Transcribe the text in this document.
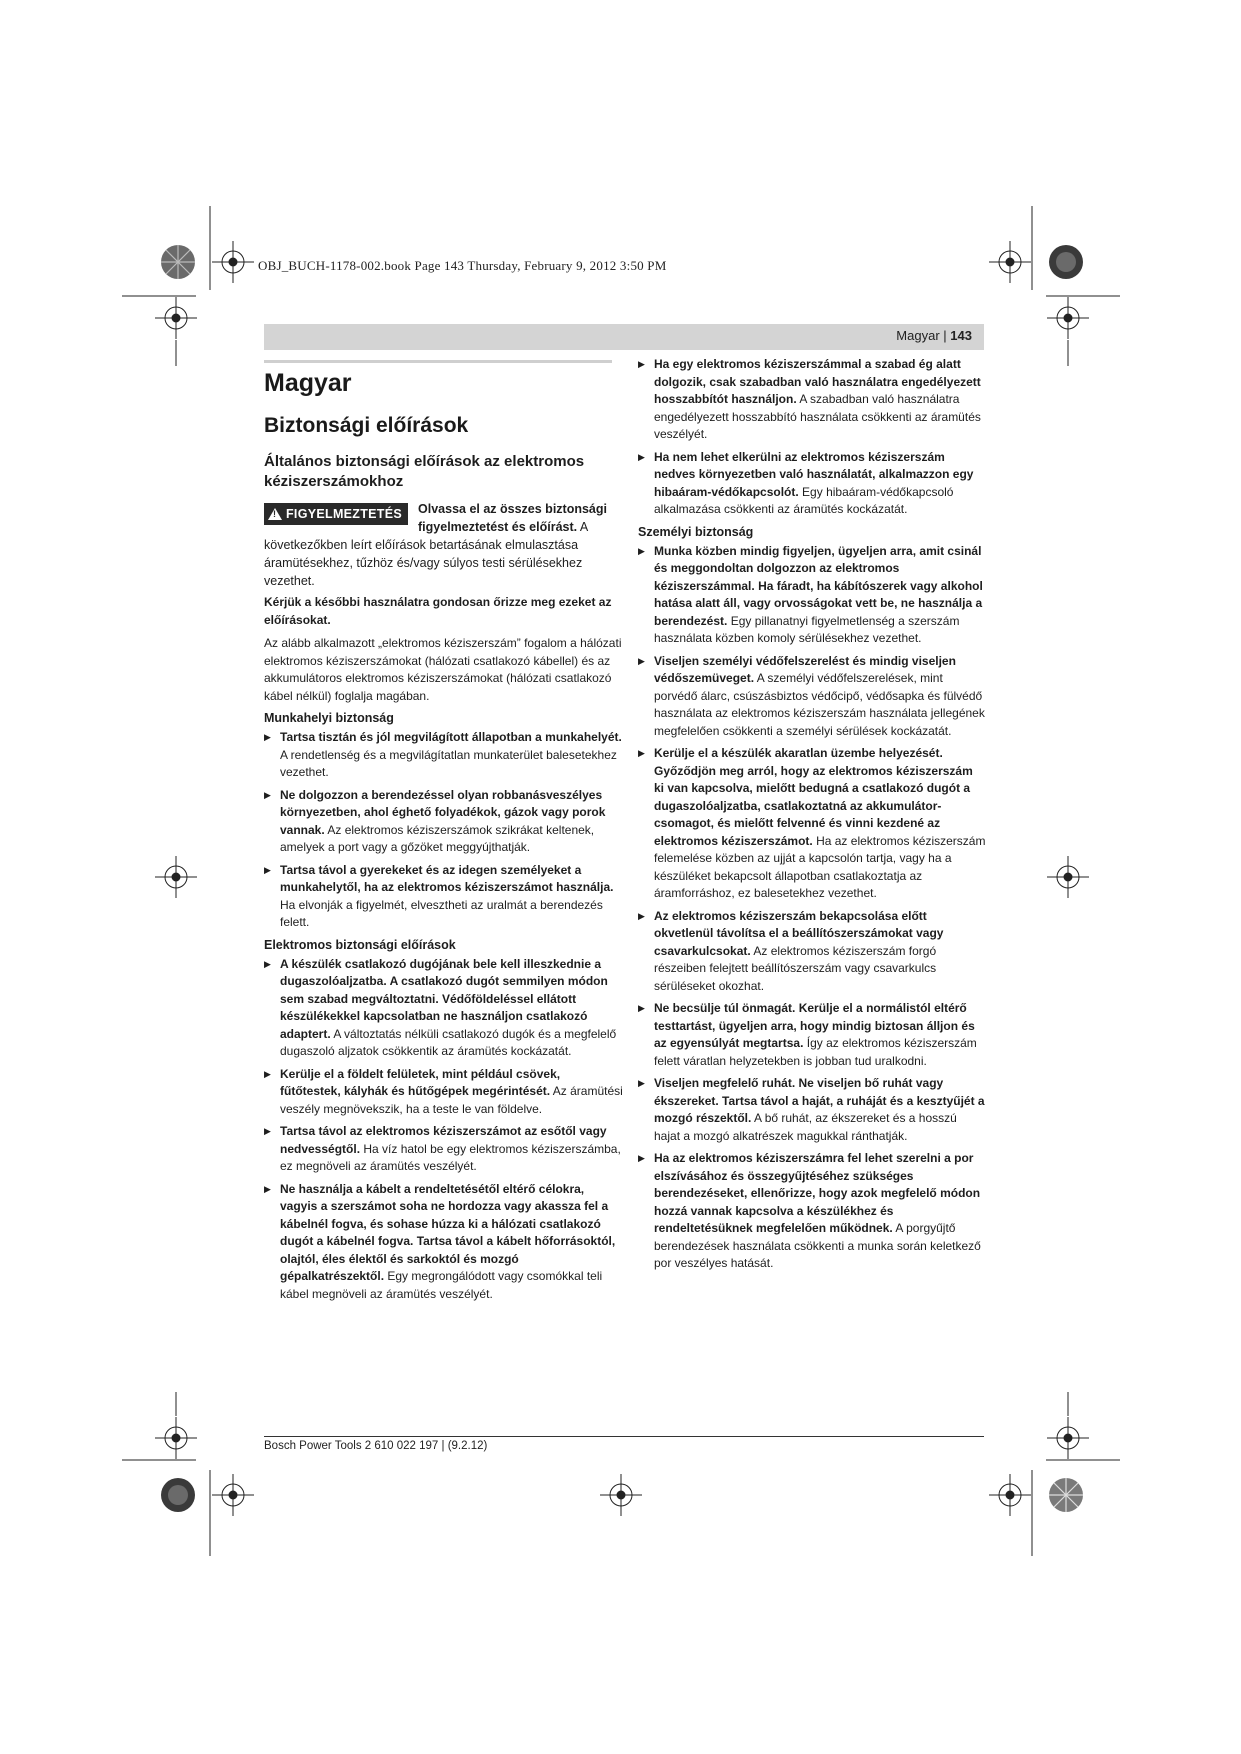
OBJ_BUCH-1178-002.book Page 143 Thursday, February 9, 2012 3:50 PM
Magyar | 143
Magyar
Biztonsági előírások
Általános biztonsági előírások az elektromos kéziszerszámokhoz
! FIGYELMEZTETÉS Olvassa el az összes biztonsági figyelmeztetést és előírást. A következőkben leírt előírások betartásának elmulasztása áramütésekhez, tűzhöz és/vagy súlyos testi sérülésekhez vezethet.

Kérjük a későbbi használatra gondosan őrizze meg ezeket az előírásokat.

Az alább alkalmazott „elektromos kéziszerszám” fogalom a hálózati elektromos kéziszerszámokat (hálózati csatlakozó kábellel) és az akkumulátoros elektromos kéziszerszámokat (hálózati csatlakozó kábel nélkül) foglalja magában.

Munkahelyi biztonság
▶ Tartsa tisztán és jól megvilágított állapotban a munkahelyét. A rendetlenség és a megvilágítatlan munkaterület balesetekhez vezethet.
▶ Ne dolgozzon a berendezéssel olyan robbanásveszélyes környezetben, ahol éghető folyadékok, gázok vagy porok vannak. Az elektromos kéziszerszámok szikrákat keltenek, amelyek a port vagy a gőzöket meggyújthatják.
▶ Tartsa távol a gyerekeket és az idegen személyeket a munkahelytől, ha az elektromos kéziszerszámot használja. Ha elvonják a figyelmét, elvesztheti az uralmát a berendezés felett.
Elektromos biztonsági előírások
▶ A készülék csatlakozó dugójának bele kell illeszkednie a dugaszolóaljzatba. A csatlakozó dugót semmilyen módon sem szabad megváltoztatni. Védőföldeléssel ellátott készülékekkel kapcsolatban ne használjon csatlakozó adaptert. A változtatás nélküli csatlakozó dugók és a megfelelő dugaszoló aljzatok csökkentik az áramütés kockázatát.
▶ Kerülje el a földelt felületek, mint például csövek, fűtőtestek, kályhák és hűtőgépek megérintését. Az áramütési veszély megnövekszik, ha a teste le van földelve.
▶ Tartsa távol az elektromos kéziszerszámot az esőtől vagy nedvességtől. Ha víz hatol be egy elektromos kéziszerszámba, ez megnöveli az áramütés veszélyét.
▶ Ne használja a kábelt a rendeltetésétől eltérő célokra, vagyis a szerszámot soha ne hordozza vagy akassza fel a kábelnél fogva, és sohase húzza ki a hálózati csatlakozó dugót a kábelnél fogva. Tartsa távol a kábelt hőforrásoktól, olajtól, éles élektől és sarkoktól és mozgó gépalkatrészektől. Egy megrongálódott vagy csomókkal teli kábel megnöveli az áramütés veszélyét.
▶ Ha egy elektromos kéziszerszámmal a szabad ég alatt dolgozik, csak szabadban való használatra engedélyezett hosszabbítót használjon. A szabadban való használatra engedélyezett hosszabbító használata csökkenti az áramütés veszélyét.
▶ Ha nem lehet elkerülni az elektromos kéziszerszám nedves környezetben való használatát, alkalmazzon egy hibaáram-védőkapcsolót. Egy hibaáram-védőkapcsoló alkalmazása csökkenti az áramütés kockázatát.
Személyi biztonság
▶ Munka közben mindig figyeljen, ügyeljen arra, amit csinál és meggondoltan dolgozzon az elektromos kéziszerszámmal. Ha fáradt, ha kábítószerek vagy alkohol hatása alatt áll, vagy orvosságokat vett be, ne használja a berendezést. Egy pillanatnyi figyelmetlenség a szerszám használata közben komoly sérülésekhez vezethet.
▶ Viseljen személyi védőfelszerelést és mindig viseljen védőszemüveget. A személyi védőfelszerelések, mint porvédő álarc, csúszásbiztos védőcipő, védősapka és fülvédő használata az elektromos kéziszerszám használata jellegének megfelelően csökkenti a személyi sérülések kockázatát.
▶ Kerülje el a készülék akaratlan üzembe helyezését. Győződjön meg arról, hogy az elektromos kéziszerszám ki van kapcsolva, mielőtt bedugná a csatlakozó dugót a dugaszolóaljzatba, csatlakoztatná az akkumulátor-csomagot, és mielőtt felvenné és vinni kezdené az elektromos kéziszerszámot. Ha az elektromos kéziszerszám felemelése közben az ujját a kapcsolón tartja, vagy ha a készüléket bekapcsolt állapotban csatlakoztatja az áramforráshoz, ez balesetekhez vezethet.
▶ Az elektromos kéziszerszám bekapcsolása előtt okvetlenül távolítsa el a beállítószerszámokat vagy csavarkulcsokat. Az elektromos kéziszerszám forgó részeiben felejtett beállítószerszám vagy csavarkulcs sérüléseket okozhat.
▶ Ne becsülje túl önmagát. Kerülje el a normálistól eltérő testtartást, ügyeljen arra, hogy mindig biztosan álljon és az egyensúlyát megtartsa. Így az elektromos kéziszerszám felett váratlan helyzetekben is jobban tud uralkodni.
▶ Viseljen megfelelő ruhát. Ne viseljen bő ruhát vagy ékszereket. Tartsa távol a haját, a ruháját és a kesztyűjét a mozgó részektől. A bő ruhát, az ékszereket és a hosszú hajat a mozgó alkatrészek magukkal ránthatják.
▶ Ha az elektromos kéziszerszámra fel lehet szerelni a por elszívásához és összegyűjtéséhez szükséges berendezéseket, ellenőrizze, hogy azok megfelelő módon hozzá vannak kapcsolva a készülékhez és rendeltetésüknek megfelelően működnek. A porgyűjtő berendezések használata csökkenti a munka során keletkező por veszélyes hatását.
Bosch Power Tools 2 610 022 197 | (9.2.12)
